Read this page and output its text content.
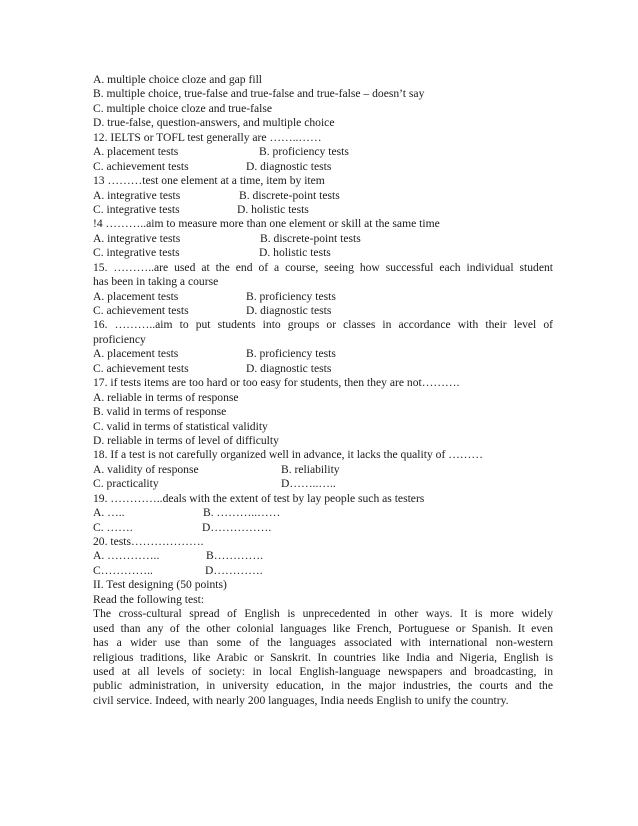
A. multiple choice cloze and gap fill
B. multiple choice, true-false and true-false and true-false – doesn’t say
C. multiple choice cloze and true-false
D. true-false, question-answers, and multiple choice
12. IELTS or TOFL test generally are ……..……
A. placement tests	B. proficiency tests
C. achievement tests	D. diagnostic tests
13 ………test one element at a time, item by item
A. integrative tests	B. discrete-point tests
C. integrative tests	D. holistic tests
!4 ………..aim to measure more than one element or skill at the same time
A. integrative tests	B. discrete-point tests
C. integrative tests	D. holistic tests
15. ………..are used at the end of a course, seeing how successful each individual student
has been in taking a course
A. placement tests	B. proficiency tests
C. achievement tests	D. diagnostic tests
16. ………..aim to put students into groups or classes in accordance with their level of
proficiency
A. placement tests	B. proficiency tests
C. achievement tests	D. diagnostic tests
17. if tests items are too hard or too easy for students, then they are not……….
A. reliable in terms of response
B. valid in terms of response
C. valid in terms of statistical validity
D. reliable in terms of level of difficulty
18. If a test is not carefully organized well in advance, it lacks the quality of ………
A. validity of response	B. reliability
C. practicality	D……..…..
19. …………..deals with the extent of test by lay people such as testers
A. …..	B. ………..……
C. …….	D…………….
20. tests……………….
A. …………..	B………….
C…………..	D………….
II. Test designing (50 points)
Read the following test:
The cross-cultural spread of English is unprecedented in other ways. It is more widely
used than any of the other colonial languages like French, Portuguese or Spanish. It even
has a wider use than some of the languages associated with international non-western
religious traditions, like Arabic or Sanskrit. In countries like India and Nigeria, English is
used at all levels of society: in local English-language newspapers and broadcasting, in
public administration, in university education, in the major industries, the courts and the
civil service. Indeed, with nearly 200 languages, India needs English to unify the country.
